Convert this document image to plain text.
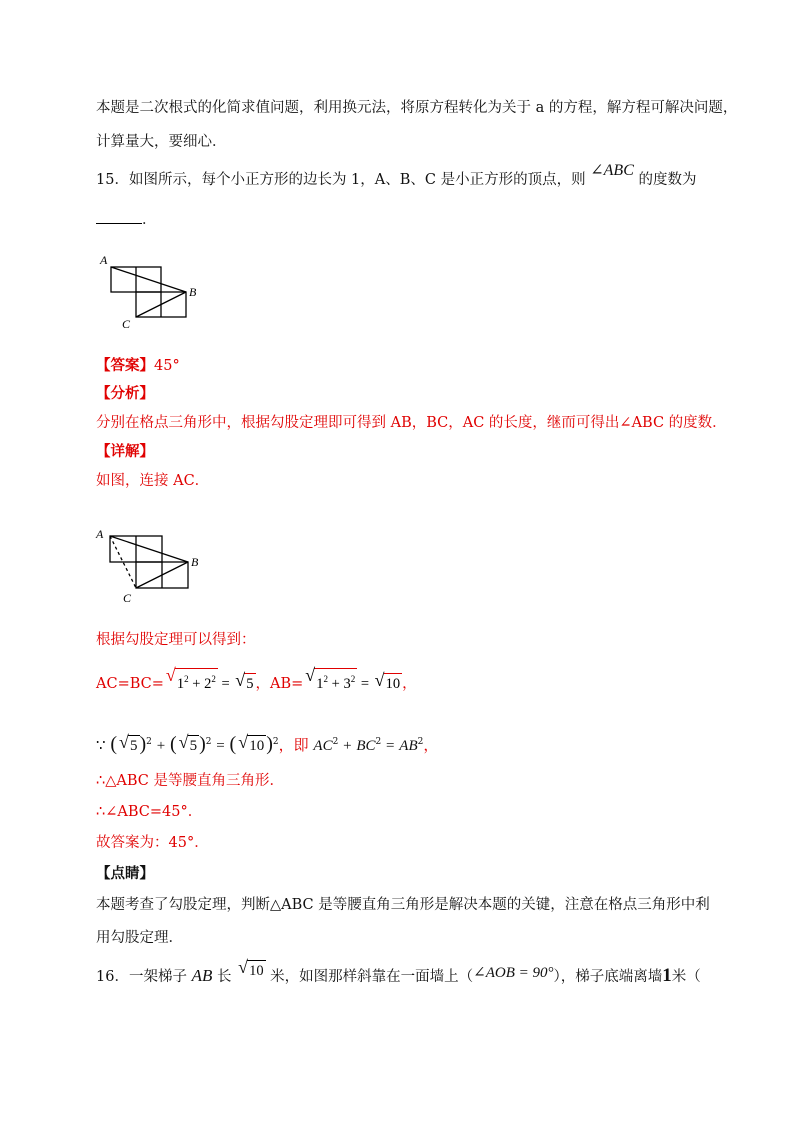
本题是二次根式的化简求值问题，利用换元法，将原方程转化为关于 a 的方程，解方程可解决问题，
计算量大，要细心．
15．如图所示，每个小正方形的边长为 1，A、B、C 是小正方形的顶点，则 ∠ABC 的度数为
．
A
B
C
【答案】45°
【分析】
分别在格点三角形中，根据勾股定理即可得到 AB，BC，AC 的长度，继而可得出∠ABC 的度数．
【详解】
如图，连接 AC．
A
B
C
根据勾股定理可以得到：
AC=BC= √ $1^2 + 2^2$ = √ 5 ，AB= √ $1^2 + 3^2$ = √ 10 ，
∵ ( √ 5 )$^2$ + ( √ 5 )$^2$ = ( √ 10 )$^2$，即 $AC^2 + BC^2 = AB^2$，
∴△ABC 是等腰直角三角形．
∴∠ABC=45°．
故答案为：45°．
【点睛】
本题考查了勾股定理，判断△ABC 是等腰直角三角形是解决本题的关键，注意在格点三角形中利
用勾股定理．
16．一架梯子 AB 长 √ 10 米，如图那样斜靠在一面墙上（∠AOB = 90°），梯子底端离墙1米（
